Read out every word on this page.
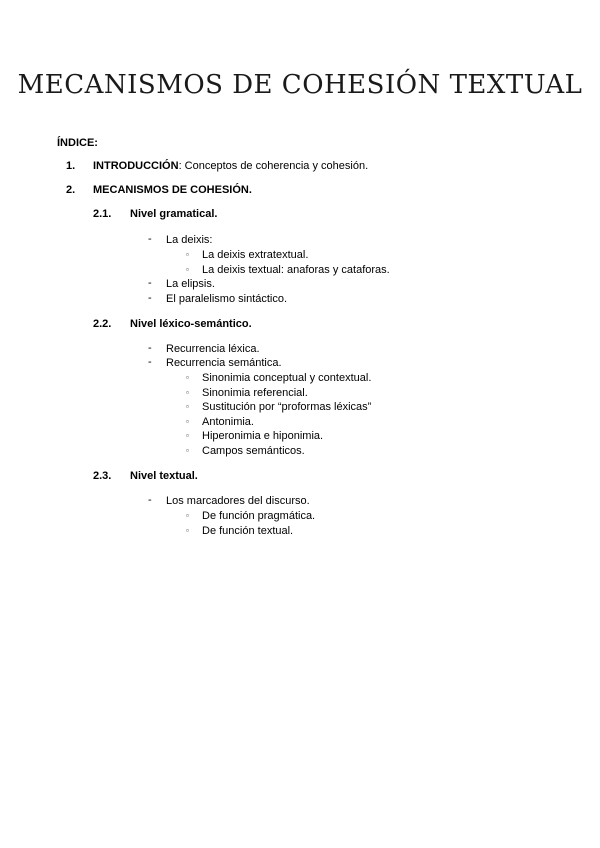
MECANISMOS DE COHESIÓN TEXTUAL

ÍNDICE:

1. INTRODUCCIÓN: Conceptos de coherencia y cohesión.
2. MECANISMOS DE COHESIÓN.
2.1. Nivel gramatical.
- La deixis:
▫ La deixis extratextual.
▫ La deixis textual: anaforas y cataforas.
- La elipsis.
- El paralelismo sintáctico.
2.2. Nivel léxico-semántico.
- Recurrencia léxica.
- Recurrencia semántica.
▫ Sinonimia conceptual y contextual.
▫ Sinonimia referencial.
▫ Sustitución por “proformas léxicas”
▫ Antonimia.
▫ Hiperonimia e hiponimia.
▫ Campos semánticos.
2.3. Nivel textual.
- Los marcadores del discurso.
▫ De función pragmática.
▫ De función textual.
